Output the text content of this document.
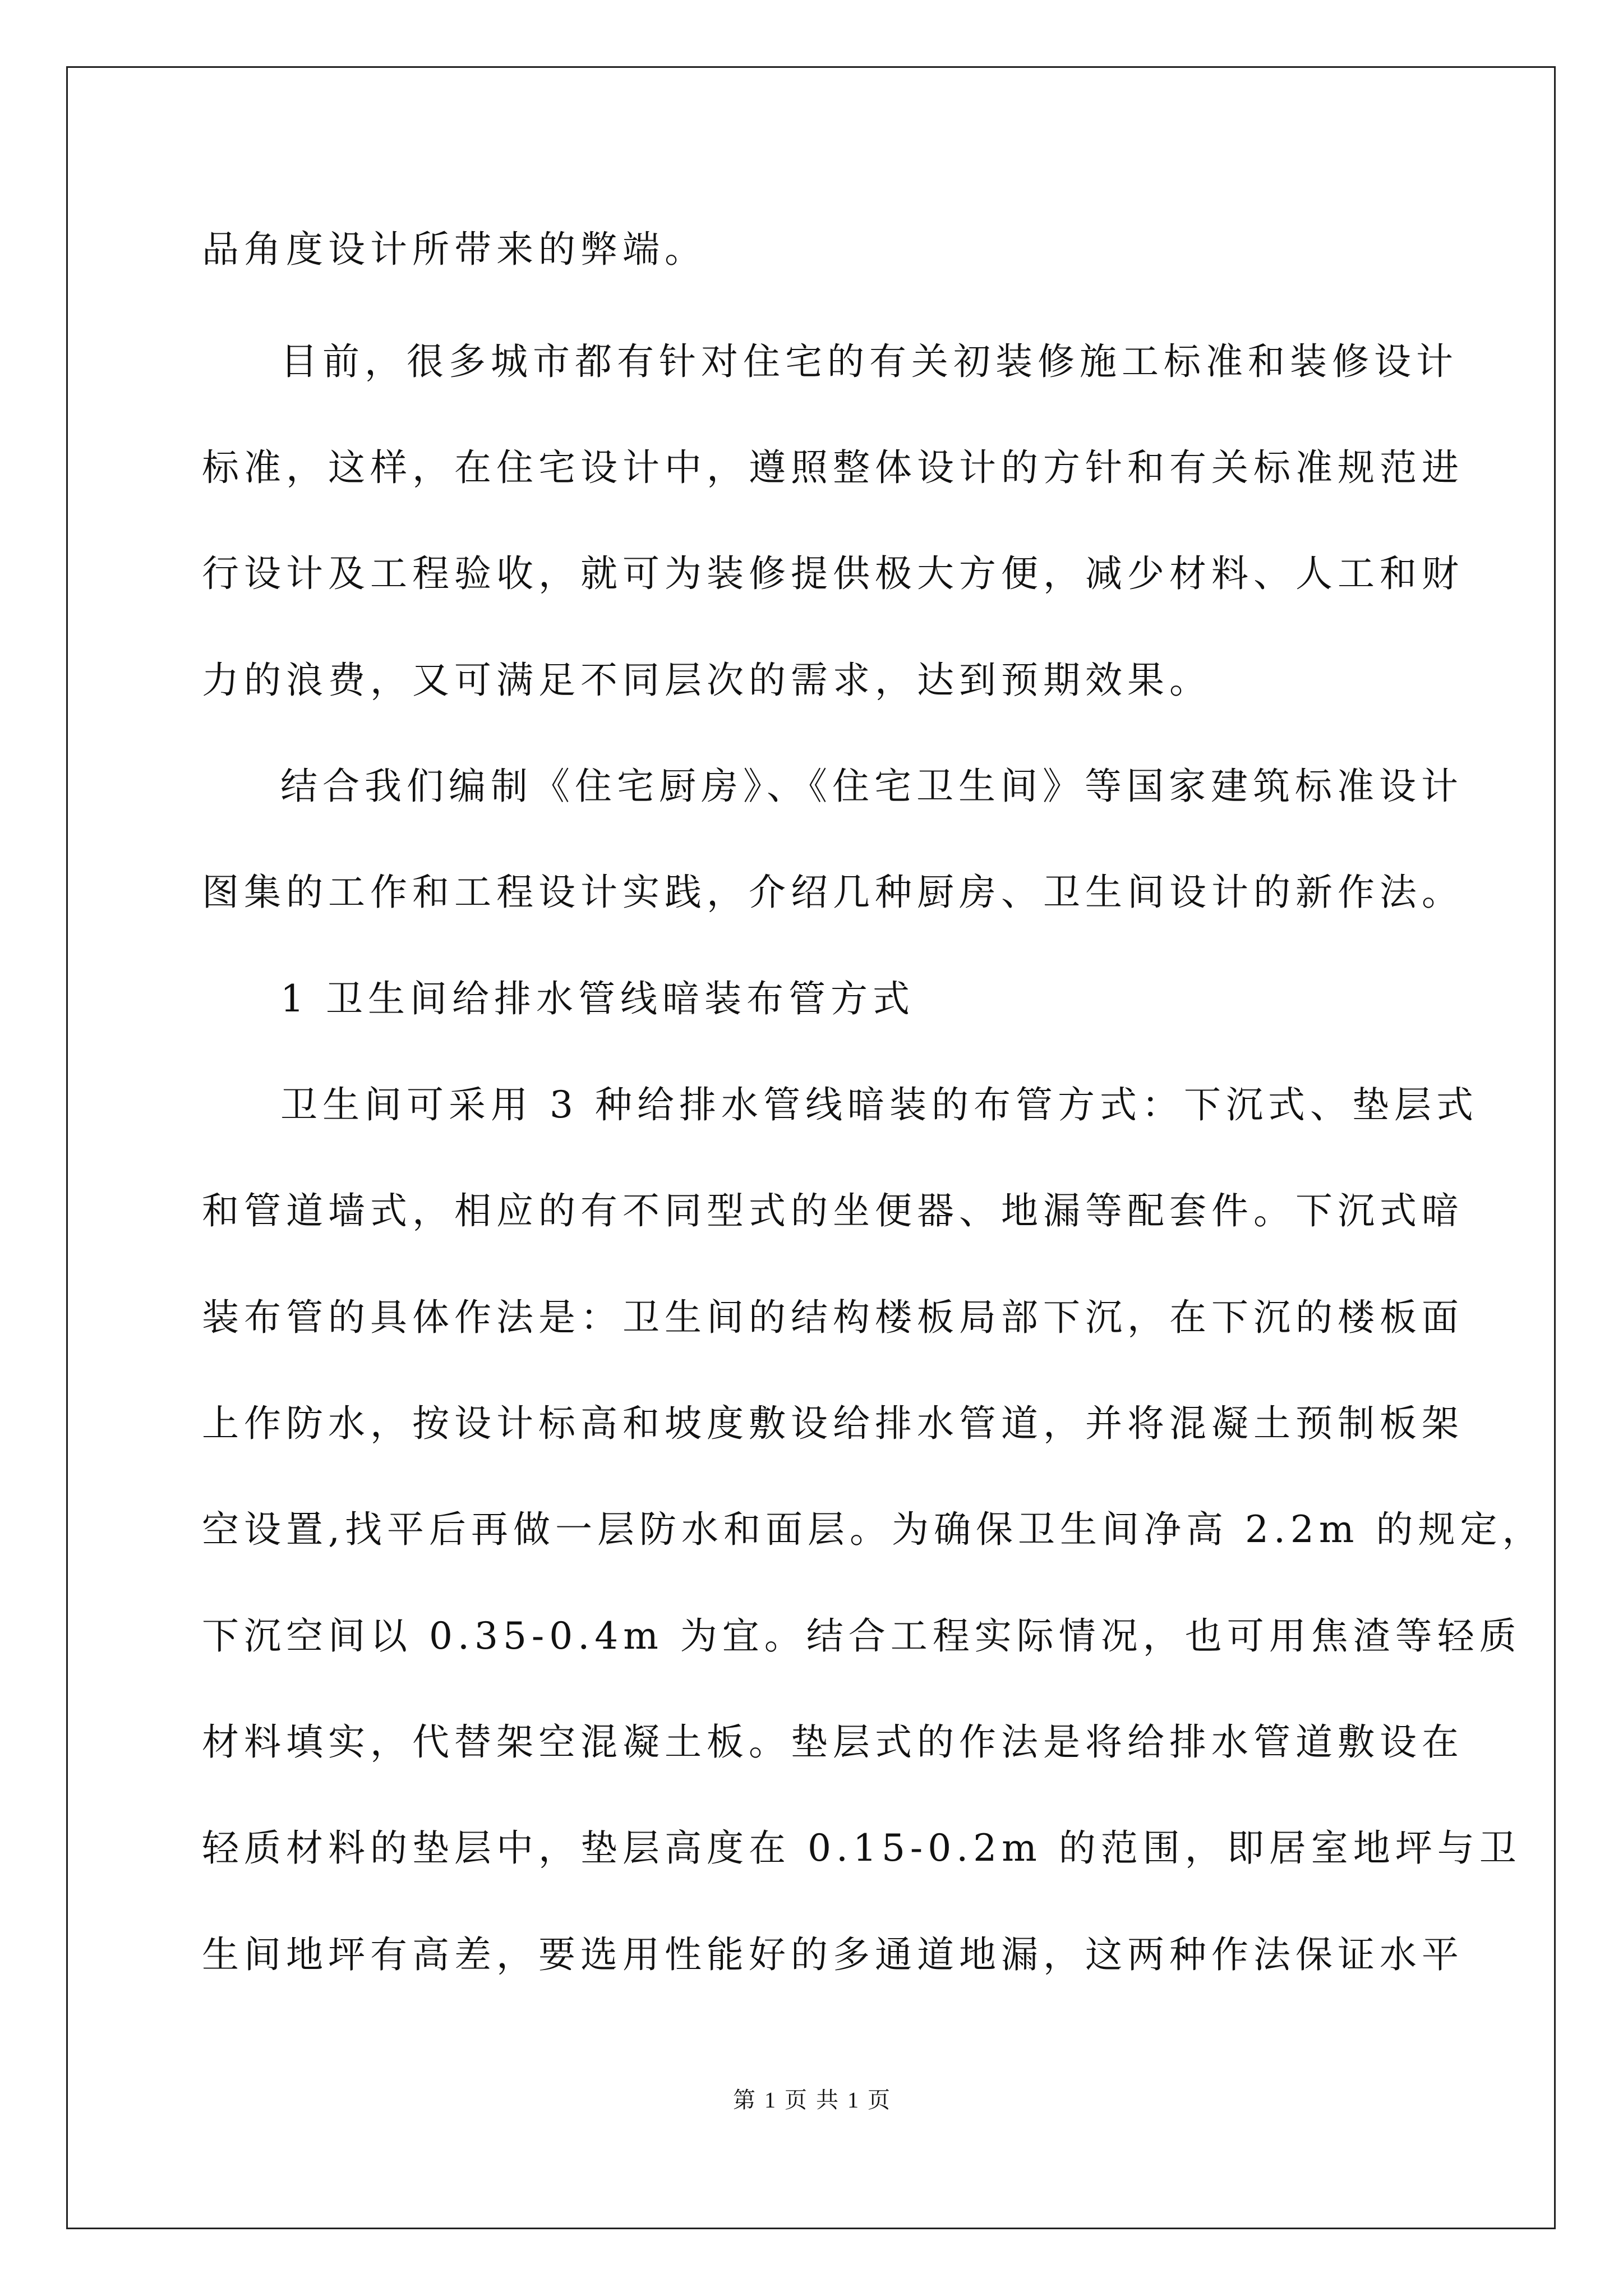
品角度设计所带来的弊端。
目前，很多城市都有针对住宅的有关初装修施工标准和装修设计
标准，这样，在住宅设计中，遵照整体设计的方针和有关标准规范进
行设计及工程验收，就可为装修提供极大方便，减少材料、人工和财
力的浪费，又可满足不同层次的需求，达到预期效果。
结合我们编制《住宅厨房》、《住宅卫生间》等国家建筑标准设计
图集的工作和工程设计实践，介绍几种厨房、卫生间设计的新作法。
1 卫生间给排水管线暗装布管方式
卫生间可采用 3 种给排水管线暗装的布管方式：下沉式、垫层式
和管道墙式，相应的有不同型式的坐便器、地漏等配套件。下沉式暗
装布管的具体作法是：卫生间的结构楼板局部下沉，在下沉的楼板面
上作防水，按设计标高和坡度敷设给排水管道，并将混凝土预制板架
空设置,找平后再做一层防水和面层。为确保卫生间净高 2.2m 的规定，
下沉空间以 0.35-0.4m 为宜。结合工程实际情况，也可用焦渣等轻质
材料填实，代替架空混凝土板。垫层式的作法是将给排水管道敷设在
轻质材料的垫层中，垫层高度在 0.15-0.2m 的范围，即居室地坪与卫
生间地坪有高差，要选用性能好的多通道地漏，这两种作法保证水平
第 1 页 共 1 页
